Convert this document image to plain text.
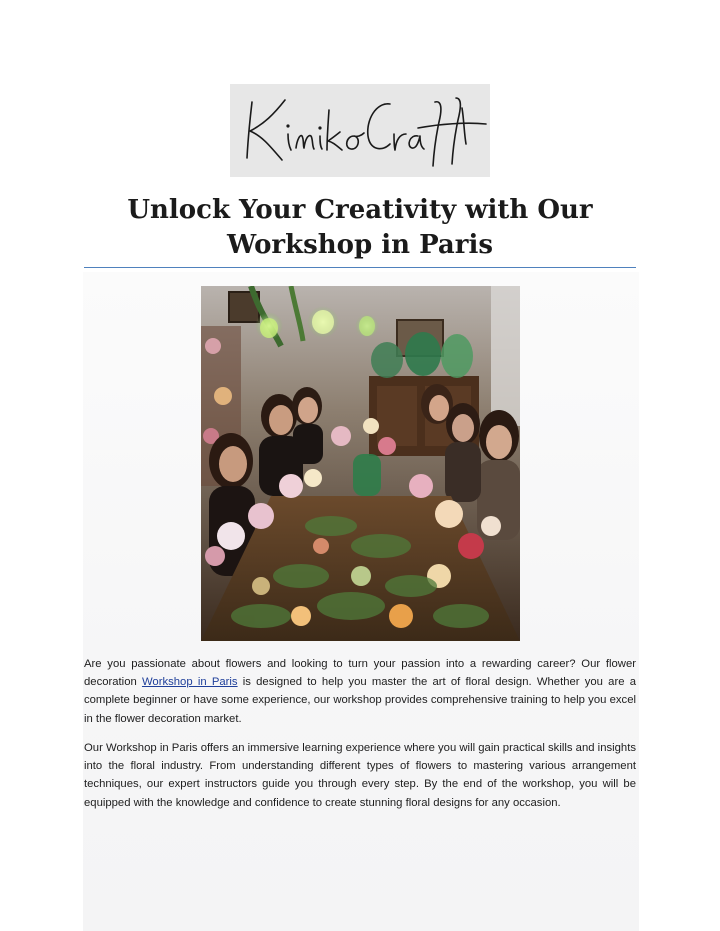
Unlock Your Creativity with Our
Workshop in Paris

Are you passionate about flowers and looking to turn your passion into a rewarding career? Our flower decoration Workshop in Paris is designed to help you master the art of floral design. Whether you are a complete beginner or have some experience, our workshop provides comprehensive training to help you excel in the flower decoration market.

Our Workshop in Paris offers an immersive learning experience where you will gain practical skills and insights into the floral industry. From understanding different types of flowers to mastering various arrangement techniques, our expert instructors guide you through every step. By the end of the workshop, you will be equipped with the knowledge and confidence to create stunning floral designs for any occasion.
